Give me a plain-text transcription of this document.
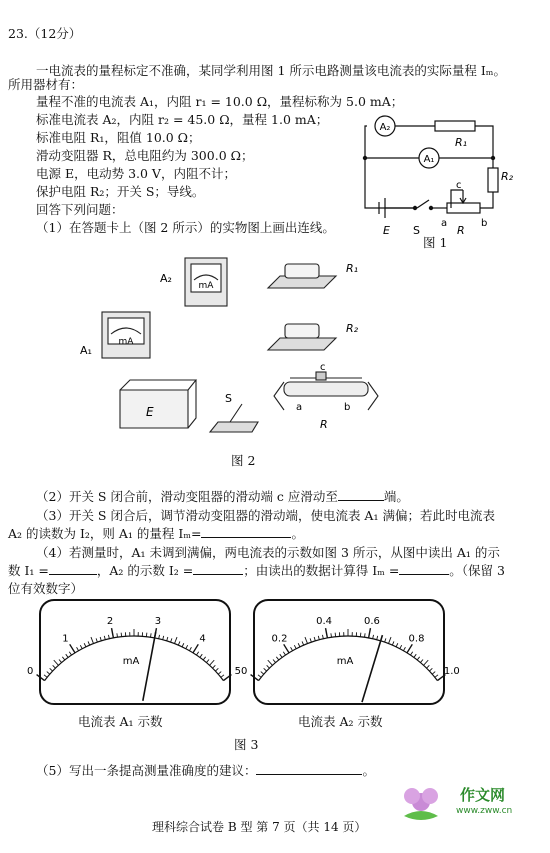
23.（12分）
一电流表的量程标定不准确，某同学利用图 1 所示电路测量该电流表的实际量程 Iₘ。
所用器材有：
量程不准的电流表 A₁，内阻 r₁ = 10.0 Ω，量程标称为 5.0 mA；
标准电流表 A₂，内阻 r₂ = 45.0 Ω，量程 1.0 mA；
标准电阻 R₁，阻值 10.0 Ω；
滑动变阻器 R，总电阻约为 300.0 Ω；
电源 E，电动势 3.0 V，内阻不计；
保护电阻 R₂；开关 S；导线。
回答下列问题：
（1）在答题卡上（图 2 所示）的实物图上画出连线。
A₂
A₁
R₁
R₂
E S
c
a
R
b
图 1
A₂
mA
A₁
mA
R₁
R₂
E
S
c
a	b
R
图 2
（2）开关 S 闭合前，滑动变阻器的滑动端 c 应滑动至	端。
（3）开关 S 闭合后，调节滑动变阻器的滑动端，使电流表 A₁ 满偏；若此时电流表
A₂ 的读数为 I₂，则 A₁ 的量程 Iₘ=	。
（4）若测量时，A₁ 未调到满偏，两电流表的示数如图 3 所示，从图中读出 A₁ 的示
数 I₁ =	，A₂ 的示数 I₂ =	；由读出的数据计算得 Iₘ =	。（保留 3
位有效数字）
0
1
2	3
4
5
mA
0
0.2
0.4	0.6
0.8
1.0
mA
电流表 A₁ 示数	电流表 A₂ 示数
图 3
（5）写出一条提高测量准确度的建议：	。
作文网
www.zww.cn
理科综合试卷 B 型 第 7 页（共 14 页）
